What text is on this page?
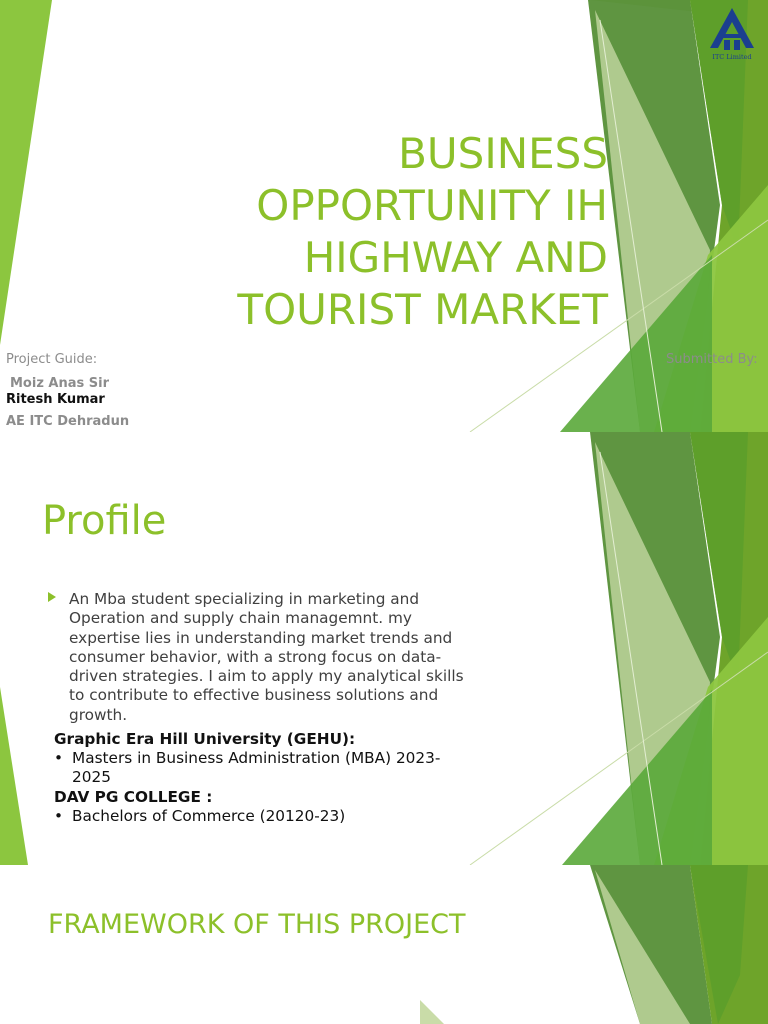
ITC Limited
BUSINESS OPPORTUNITY IH HIGHWAY AND TOURIST MARKET
Project Guide:
Moiz Anas Sir
Ritesh Kumar
AE ITC Dehradun
Submitted By:
Profile

An Mba student specializing in marketing and Operation and supply chain managemnt. my expertise lies in understanding market trends and consumer behavior, with a strong focus on data-driven strategies. I aim to apply my analytical skills to contribute to effective business solutions and growth.

Graphic Era Hill University (GEHU):
• Masters in Business Administration (MBA) 2023-2025
DAV PG COLLEGE :
• Bachelors of Commerce (20120-23)
FRAMEWORK OF THIS PROJECT
